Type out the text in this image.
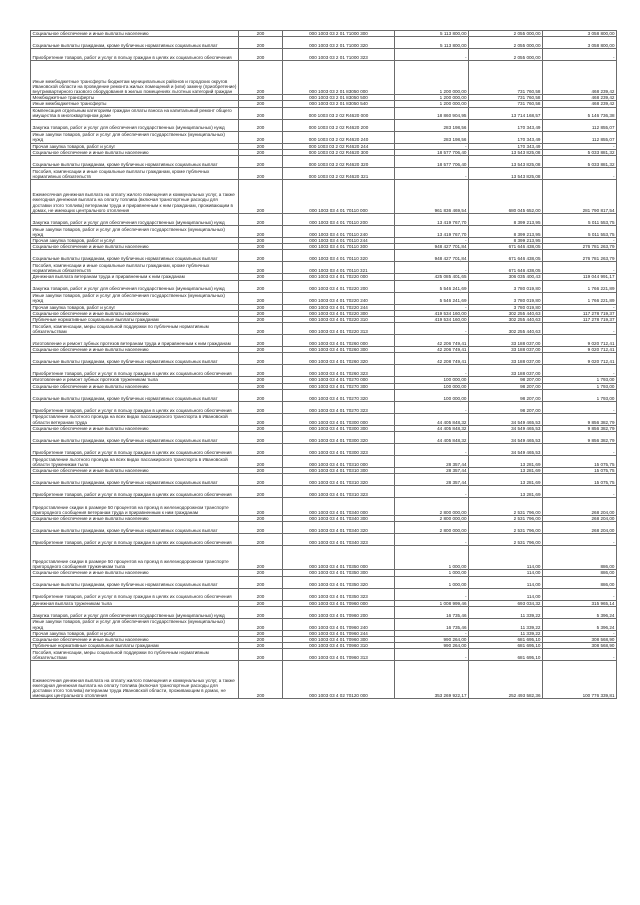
Социальное обеспечение и иные выплаты населению	200	000 1003 03 2 01 71000 300	5 113 800,00	2 055 000,00	3 058 800,00
Социальные выплаты гражданам, кроме публичных нормативных социальных выплат	200	000 1003 03 2 01 71000 320	5 113 800,00	2 055 000,00	3 058 800,00
Приобретение товаров, работ и услуг в пользу граждан в целях их социального обеспечения	200	000 1003 03 2 01 71000 323	-	2 055 000,00	-
Иные межбюджетные трансферты бюджетам муниципальных районов и городских округов Ивановской области на проведение ремонта жилых помещений и (или) замену (приобретение) внутриквартирного газового оборудования в жилых помещениях льготных категорий граждан	200	000 1003 03 2 01 83050 000	1 200 000,00	731 760,58	468 239,42
Межбюджетные трансферты	200	000 1003 03 2 01 83050 500	1 200 000,00	731 760,58	468 239,42
Иные межбюджетные трансферты	200	000 1003 03 2 01 83050 540	1 200 000,00	731 760,58	468 239,42
Компенсация отдельным категориям граждан оплаты взноса на капитальный ремонт общего имущества в многоквартирном доме	200	000 1003 03 2 02 R4620 000	18 860 904,95	13 714 168,57	5 146 736,38
Закупка товаров, работ и услуг для обеспечения государственных (муниципальных) нужд	200	000 1003 03 2 02 R4620 200	283 198,56	170 343,49	112 855,07
Иные закупки товаров, работ и услуг для обеспечения государственных (муниципальных) нужд	200	000 1003 03 2 02 R4620 240	283 198,56	170 343,49	112 855,07
Прочая закупка товаров, работ и услуг	200	000 1003 03 2 02 R4620 244	-	170 343,49	-
Социальное обеспечение и иные выплаты населению	200	000 1003 03 2 02 R4620 300	18 577 706,40	13 543 825,08	5 033 881,32
Социальные выплаты гражданам, кроме публичных нормативных социальных выплат	200	000 1003 03 2 02 R4620 320	18 577 706,40	13 543 825,08	5 033 881,32
Пособия, компенсации и иные социальные выплаты гражданам, кроме публичных нормативных обязательств	200	000 1003 03 2 02 R4620 321	-	13 543 825,08	-
Ежемесячная денежная выплата на оплату жилого помещения и коммунальных услуг, а также ежегодная денежная выплата на оплату топлива (включая транспортные расходы для доставки этого топлива) ветеранам труда и приравненным к ним гражданам, проживающим в домах, не имеющих центрального отопления	200	000 1003 03 4 01 70110 000	961 836 469,54	680 045 652,00	281 790 817,54
Закупка товаров, работ и услуг для обеспечения государственных (муниципальных) нужд	200	000 1003 03 4 01 70110 200	13 419 767,70	8 399 213,95	5 011 553,75
Иные закупки товаров, работ и услуг для обеспечения государственных (муниципальных) нужд	200	000 1003 03 4 01 70110 240	13 419 767,70	8 399 213,95	5 011 553,75
Прочая закупка товаров, работ и услуг	200	000 1003 03 4 01 70110 244	-	8 399 213,95	-
Социальное обеспечение и иные выплаты населению	200	000 1003 03 4 01 70110 300	948 427 701,84	671 646 438,05	276 781 263,79
Социальные выплаты гражданам, кроме публичных нормативных социальных выплат	200	000 1003 03 4 01 70110 320	948 427 701,84	671 646 438,05	276 781 263,79
Пособия, компенсации и иные социальные выплаты гражданам, кроме публичных нормативных обязательств	200	000 1003 03 4 01 70110 321	-	671 646 438,05	-
Денежная выплата ветеранам труда и приравненным к ним гражданам	200	000 1003 03 4 01 70220 000	425 085 401,65	306 035 400,43	119 044 991,17
Закупка товаров, работ и услуг для обеспечения государственных (муниципальных) нужд	200	000 1003 03 4 01 70220 200	5 546 241,69	3 780 019,80	1 766 221,89
Иные закупки товаров, работ и услуг для обеспечения государственных (муниципальных) нужд	200	000 1003 03 4 01 70220 240	5 546 241,69	3 780 019,80	1 766 221,89
Прочая закупка товаров, работ и услуг	200	000 1003 03 4 01 70220 244	-	3 780 019,80	-
Социальное обеспечение и иные выплаты населению	200	000 1003 03 4 01 70220 300	419 534 160,00	302 255 440,63	117 278 719,37
Публичные нормативные социальные выплаты гражданам	200	000 1003 03 4 01 70220 310	419 534 160,00	302 255 440,63	117 278 719,37
Пособия, компенсации, меры социальной поддержки по публичным нормативным обязательствам	200	000 1003 03 4 01 70220 313	-	302 255 440,63	-
Изготовление и ремонт зубных протезов ветеранам труда и приравненным к ним гражданам	200	000 1003 03 4 01 70260 000	42 206 749,41	33 188 037,00	9 020 712,41
Социальное обеспечение и иные выплаты населению	200	000 1003 03 4 01 70260 300	42 206 749,41	33 188 037,00	9 020 712,41
Социальные выплаты гражданам, кроме публичных нормативных социальных выплат	200	000 1003 03 4 01 70260 320	42 208 749,41	33 188 037,00	9 020 712,41
Приобретение товаров, работ и услуг в пользу граждан в целях их социального обеспечения	200	000 1003 03 4 01 70260 323	-	33 188 037,00	-
Изготовление и ремонт зубных протезов труженикам тыла	200	000 1003 03 4 01 70270 000	100 000,00	98 207,00	1 793,00
Социальное обеспечение и иные выплаты населению	200	000 1003 03 4 01 70270 300	100 000,00	98 207,00	1 793,00
Социальные выплаты гражданам, кроме публичных нормативных социальных выплат	200	000 1003 03 4 01 70270 320	100 000,00	98 207,00	1 793,00
Приобретение товаров, работ и услуг в пользу граждан в целях их социального обеспечения	200	000 1003 03 4 01 70270 323	-	98 207,00	-
Предоставление льготного проезда на всех видах пассажирского транспорта в Ивановской области ветеранам труда	200	000 1003 03 4 01 70300 000	44 405 848,32	34 549 465,53	9 856 382,79
Социальное обеспечение и иные выплаты населению	200	000 1003 03 4 01 70300 300	44 405 848,32	34 549 465,53	9 856 382,79
Социальные выплаты гражданам, кроме публичных нормативных социальных выплат	200	000 1003 03 4 01 70300 320	44 405 848,32	34 549 465,53	9 856 382,79
Приобретение товаров, работ и услуг в пользу граждан в целях их социального обеспечения	200	000 1003 03 4 01 70300 323	-	34 549 465,53	-
Предоставление льготного проезда на всех видах пассажирского транспорта в Ивановской области труженикам тыла	200	000 1003 03 4 01 70310 000	28 357,44	13 281,69	15 075,75
Социальное обеспечение и иные выплаты населению	200	000 1003 03 4 01 70310 300	28 357,44	13 281,69	15 075,75
Социальные выплаты гражданам, кроме публичных нормативных социальных выплат	200	000 1003 03 4 01 70310 320	28 357,44	13 281,69	15 075,75
Приобретение товаров, работ и услуг в пользу граждан в целях их социального обеспечения	200	000 1003 03 4 01 70310 323	-	13 281,69	-
Предоставление скидки в размере 50 процентов на проезд в железнодорожном транспорте пригородного сообщения ветеранам труда и приравненным к ним гражданам	200	000 1003 03 4 01 70340 000	2 800 000,00	2 531 796,00	268 204,00
Социальное обеспечение и иные выплаты населению	200	000 1003 03 4 01 70340 300	2 800 000,00	2 531 796,00	268 204,00
Социальные выплаты гражданам, кроме публичных нормативных социальных выплат	200	000 1003 03 4 01 70340 320	2 800 000,00	2 531 796,00	268 204,00
Приобретение товаров, работ и услуг в пользу граждан в целях их социального обеспечения	200	000 1003 03 4 01 70340 323	-	2 531 796,00	-
Предоставление скидки в размере 50 процентов на проезд в железнодорожном транспорте пригородного сообщения труженикам тыла	200	000 1003 03 4 01 70350 000	1 000,00	114,00	886,00
Социальное обеспечение и иные выплаты населению	200	000 1003 03 4 01 70350 300	1 000,00	114,00	886,00
Социальные выплаты гражданам, кроме публичных нормативных социальных выплат	200	000 1003 03 4 01 70350 320	1 000,00	114,00	886,00
Приобретение товаров, работ и услуг в пользу граждан в целях их социального обеспечения	200	000 1003 03 4 01 70350 323	-	114,00	-
Денежная выплата труженикам тыла	200	000 1003 03 4 01 70960 000	1 008 999,46	693 034,32	315 965,14
Закупка товаров, работ и услуг для обеспечения государственных (муниципальных) нужд	200	000 1003 03 4 01 70960 200	16 735,46	11 339,22	5 396,24
Иные закупки товаров, работ и услуг для обеспечения государственных (муниципальных) нужд	200	000 1003 03 4 01 70960 240	16 735,46	11 339,22	5 396,24
Прочая закупка товаров, работ и услуг	200	000 1003 03 4 01 70960 244	-	11 339,22	-
Социальное обеспечение и иные выплаты населению	200	000 1003 03 4 01 70960 300	990 264,00	681 695,10	308 568,90
Публичные нормативные социальные выплаты гражданам	200	000 1003 03 4 01 70960 310	990 264,00	681 695,10	308 568,90
Пособия, компенсации, меры социальной поддержки по публичным нормативным обязательствам	200	000 1003 03 4 01 70960 313	-	681 695,10	-
Ежемесячная денежная выплата на оплату жилого помещения и коммунальных услуг, а также ежегодная денежная выплата на оплату топлива (включая транспортные расходы для доставки этого топлива) ветеранам труда Ивановской области, проживающим в домах, не имеющих центрального отопления	200	000 1003 03 4 02 70120 000	353 269 922,17	252 493 582,36	100 776 339,81
